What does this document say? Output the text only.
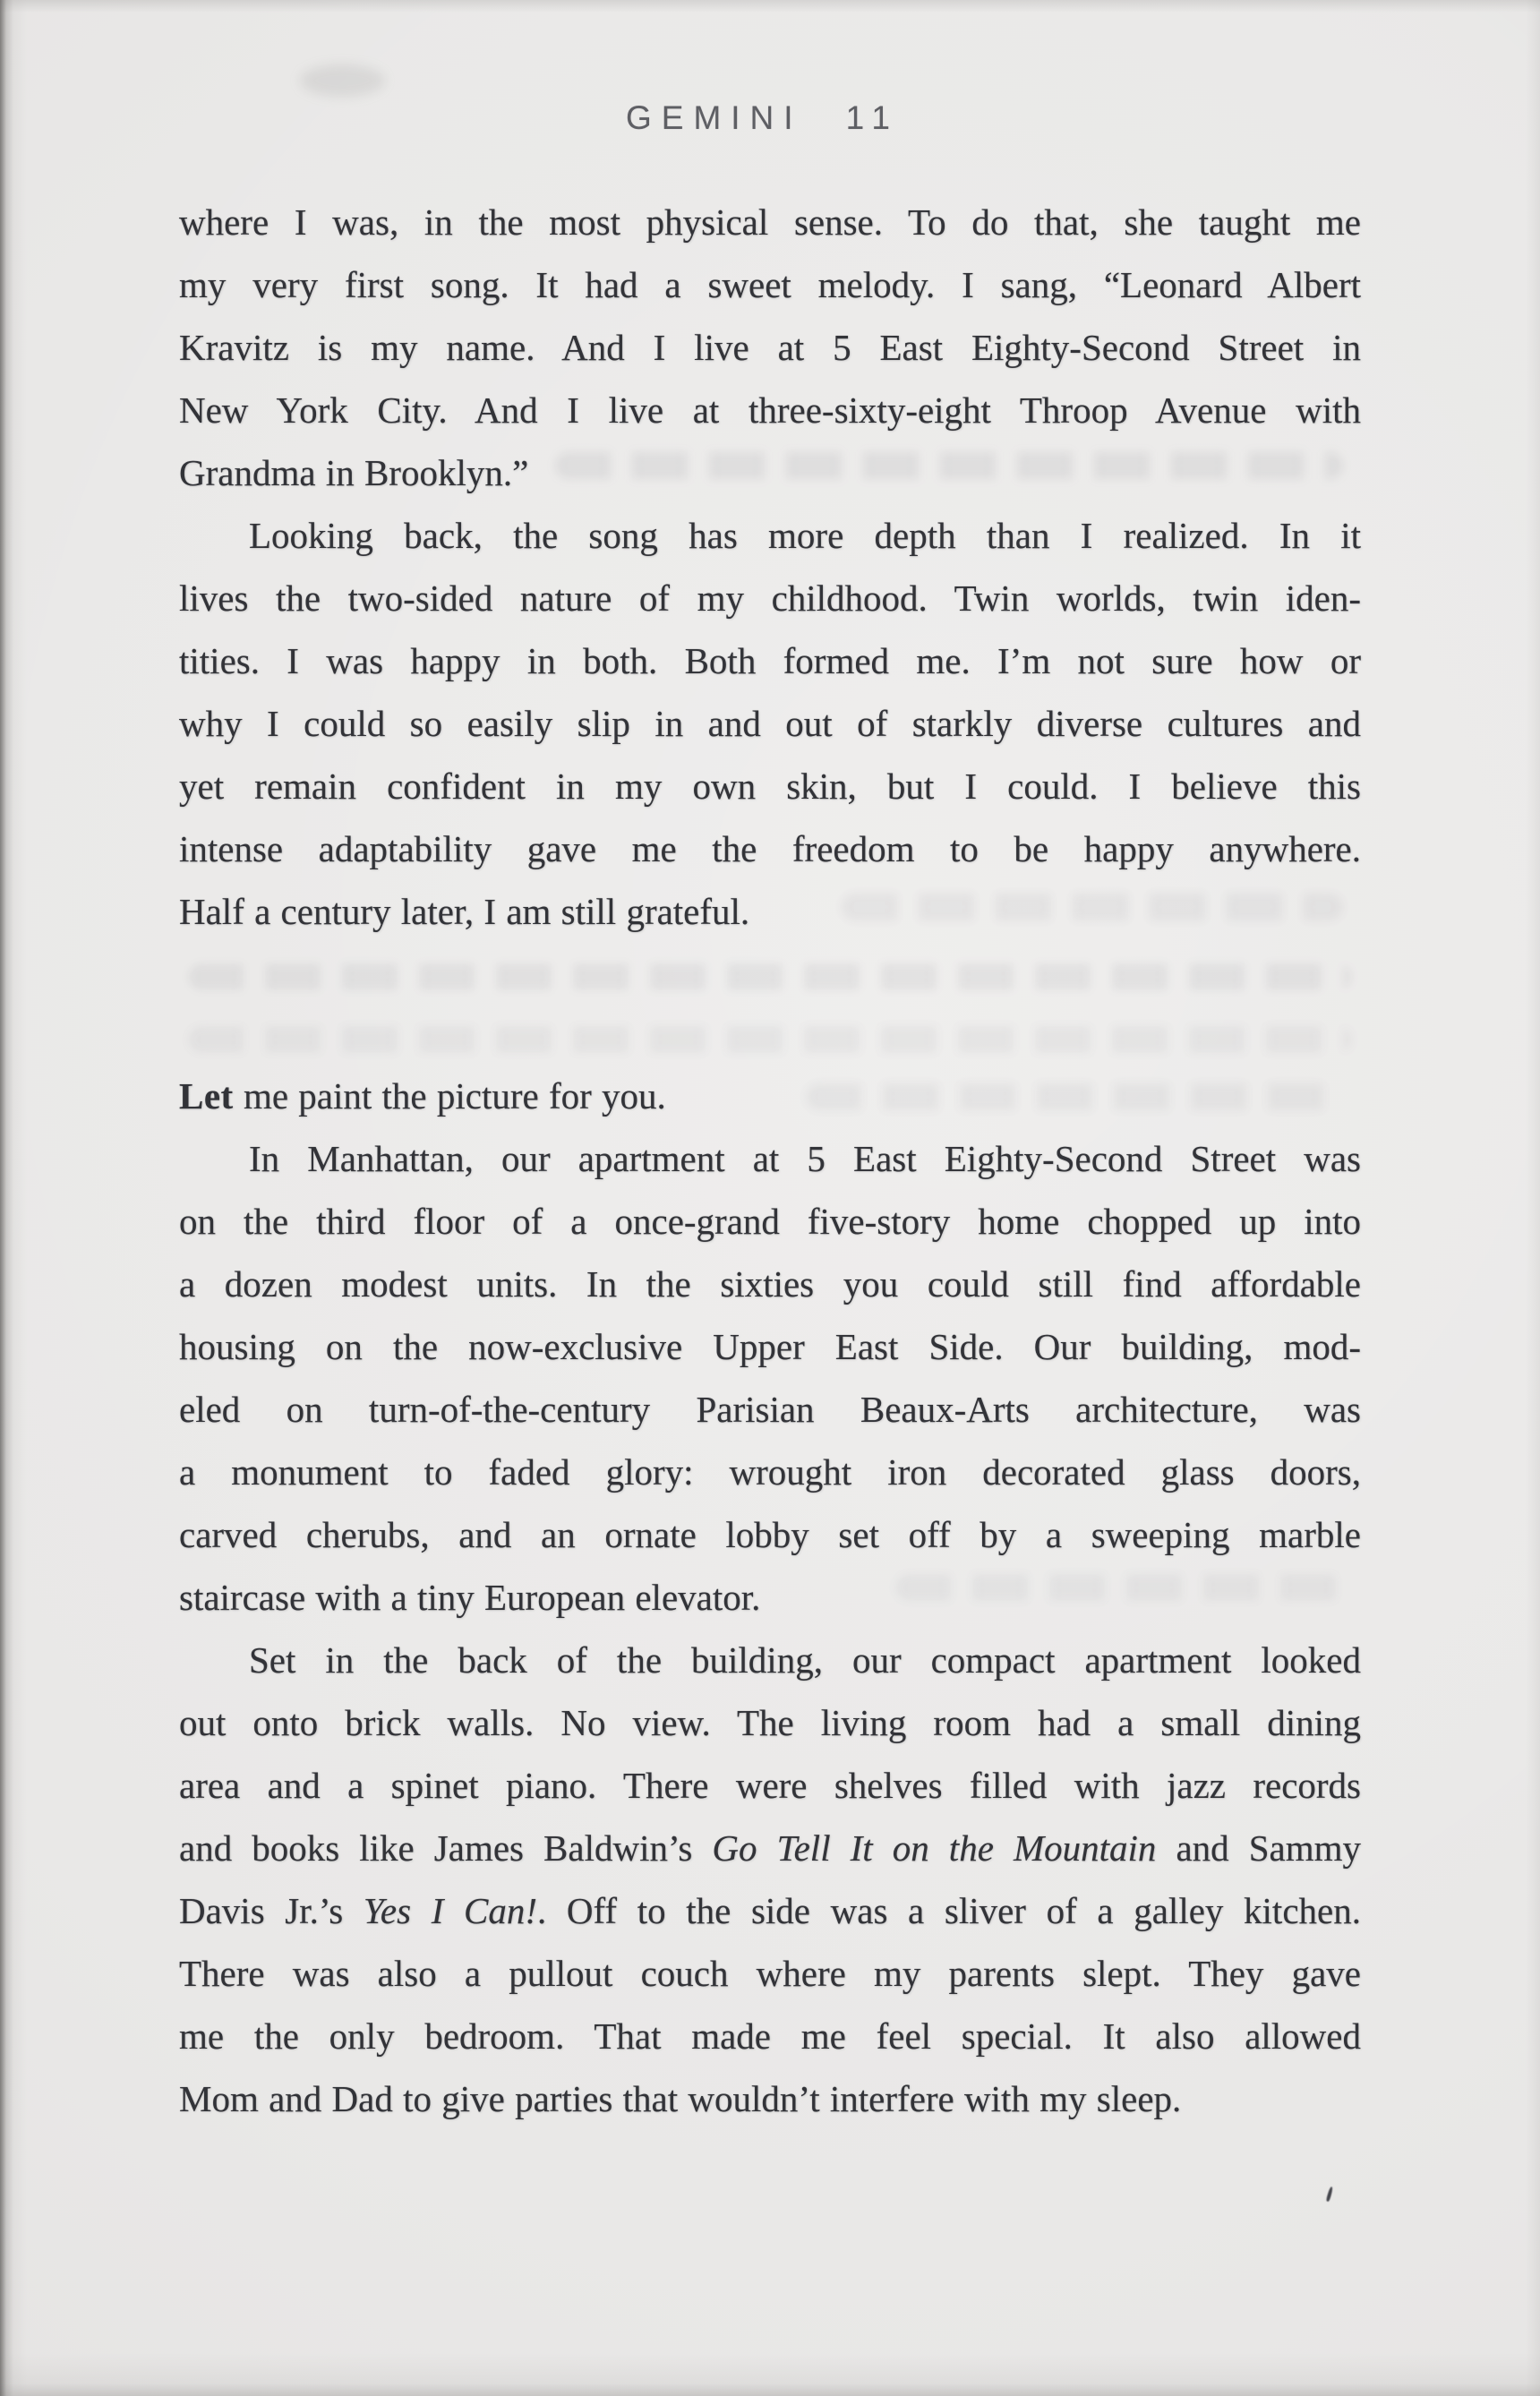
GEMINI 11
where I was, in the most physical sense. To do that, she taught me
my very first song. It had a sweet melody. I sang, “Leonard Albert
Kravitz is my name. And I live at 5 East Eighty-Second Street in
New York City. And I live at three-sixty-eight Throop Avenue with
Grandma in Brooklyn.”
Looking back, the song has more depth than I realized. In it
lives the two-sided nature of my childhood. Twin worlds, twin iden-
tities. I was happy in both. Both formed me. I’m not sure how or
why I could so easily slip in and out of starkly diverse cultures and
yet remain confident in my own skin, but I could. I believe this
intense adaptability gave me the freedom to be happy anywhere.
Half a century later, I am still grateful.
Let me paint the picture for you.
In Manhattan, our apartment at 5 East Eighty-Second Street was
on the third floor of a once-grand five-story home chopped up into
a dozen modest units. In the sixties you could still find affordable
housing on the now-exclusive Upper East Side. Our building, mod-
eled on turn-of-the-century Parisian Beaux-Arts architecture, was
a monument to faded glory: wrought iron decorated glass doors,
carved cherubs, and an ornate lobby set off by a sweeping marble
staircase with a tiny European elevator.
Set in the back of the building, our compact apartment looked
out onto brick walls. No view. The living room had a small dining
area and a spinet piano. There were shelves filled with jazz records
and books like James Baldwin’s Go Tell It on the Mountain and Sammy
Davis Jr.’s Yes I Can!. Off to the side was a sliver of a galley kitchen.
There was also a pullout couch where my parents slept. They gave
me the only bedroom. That made me feel special. It also allowed
Mom and Dad to give parties that wouldn’t interfere with my sleep.
